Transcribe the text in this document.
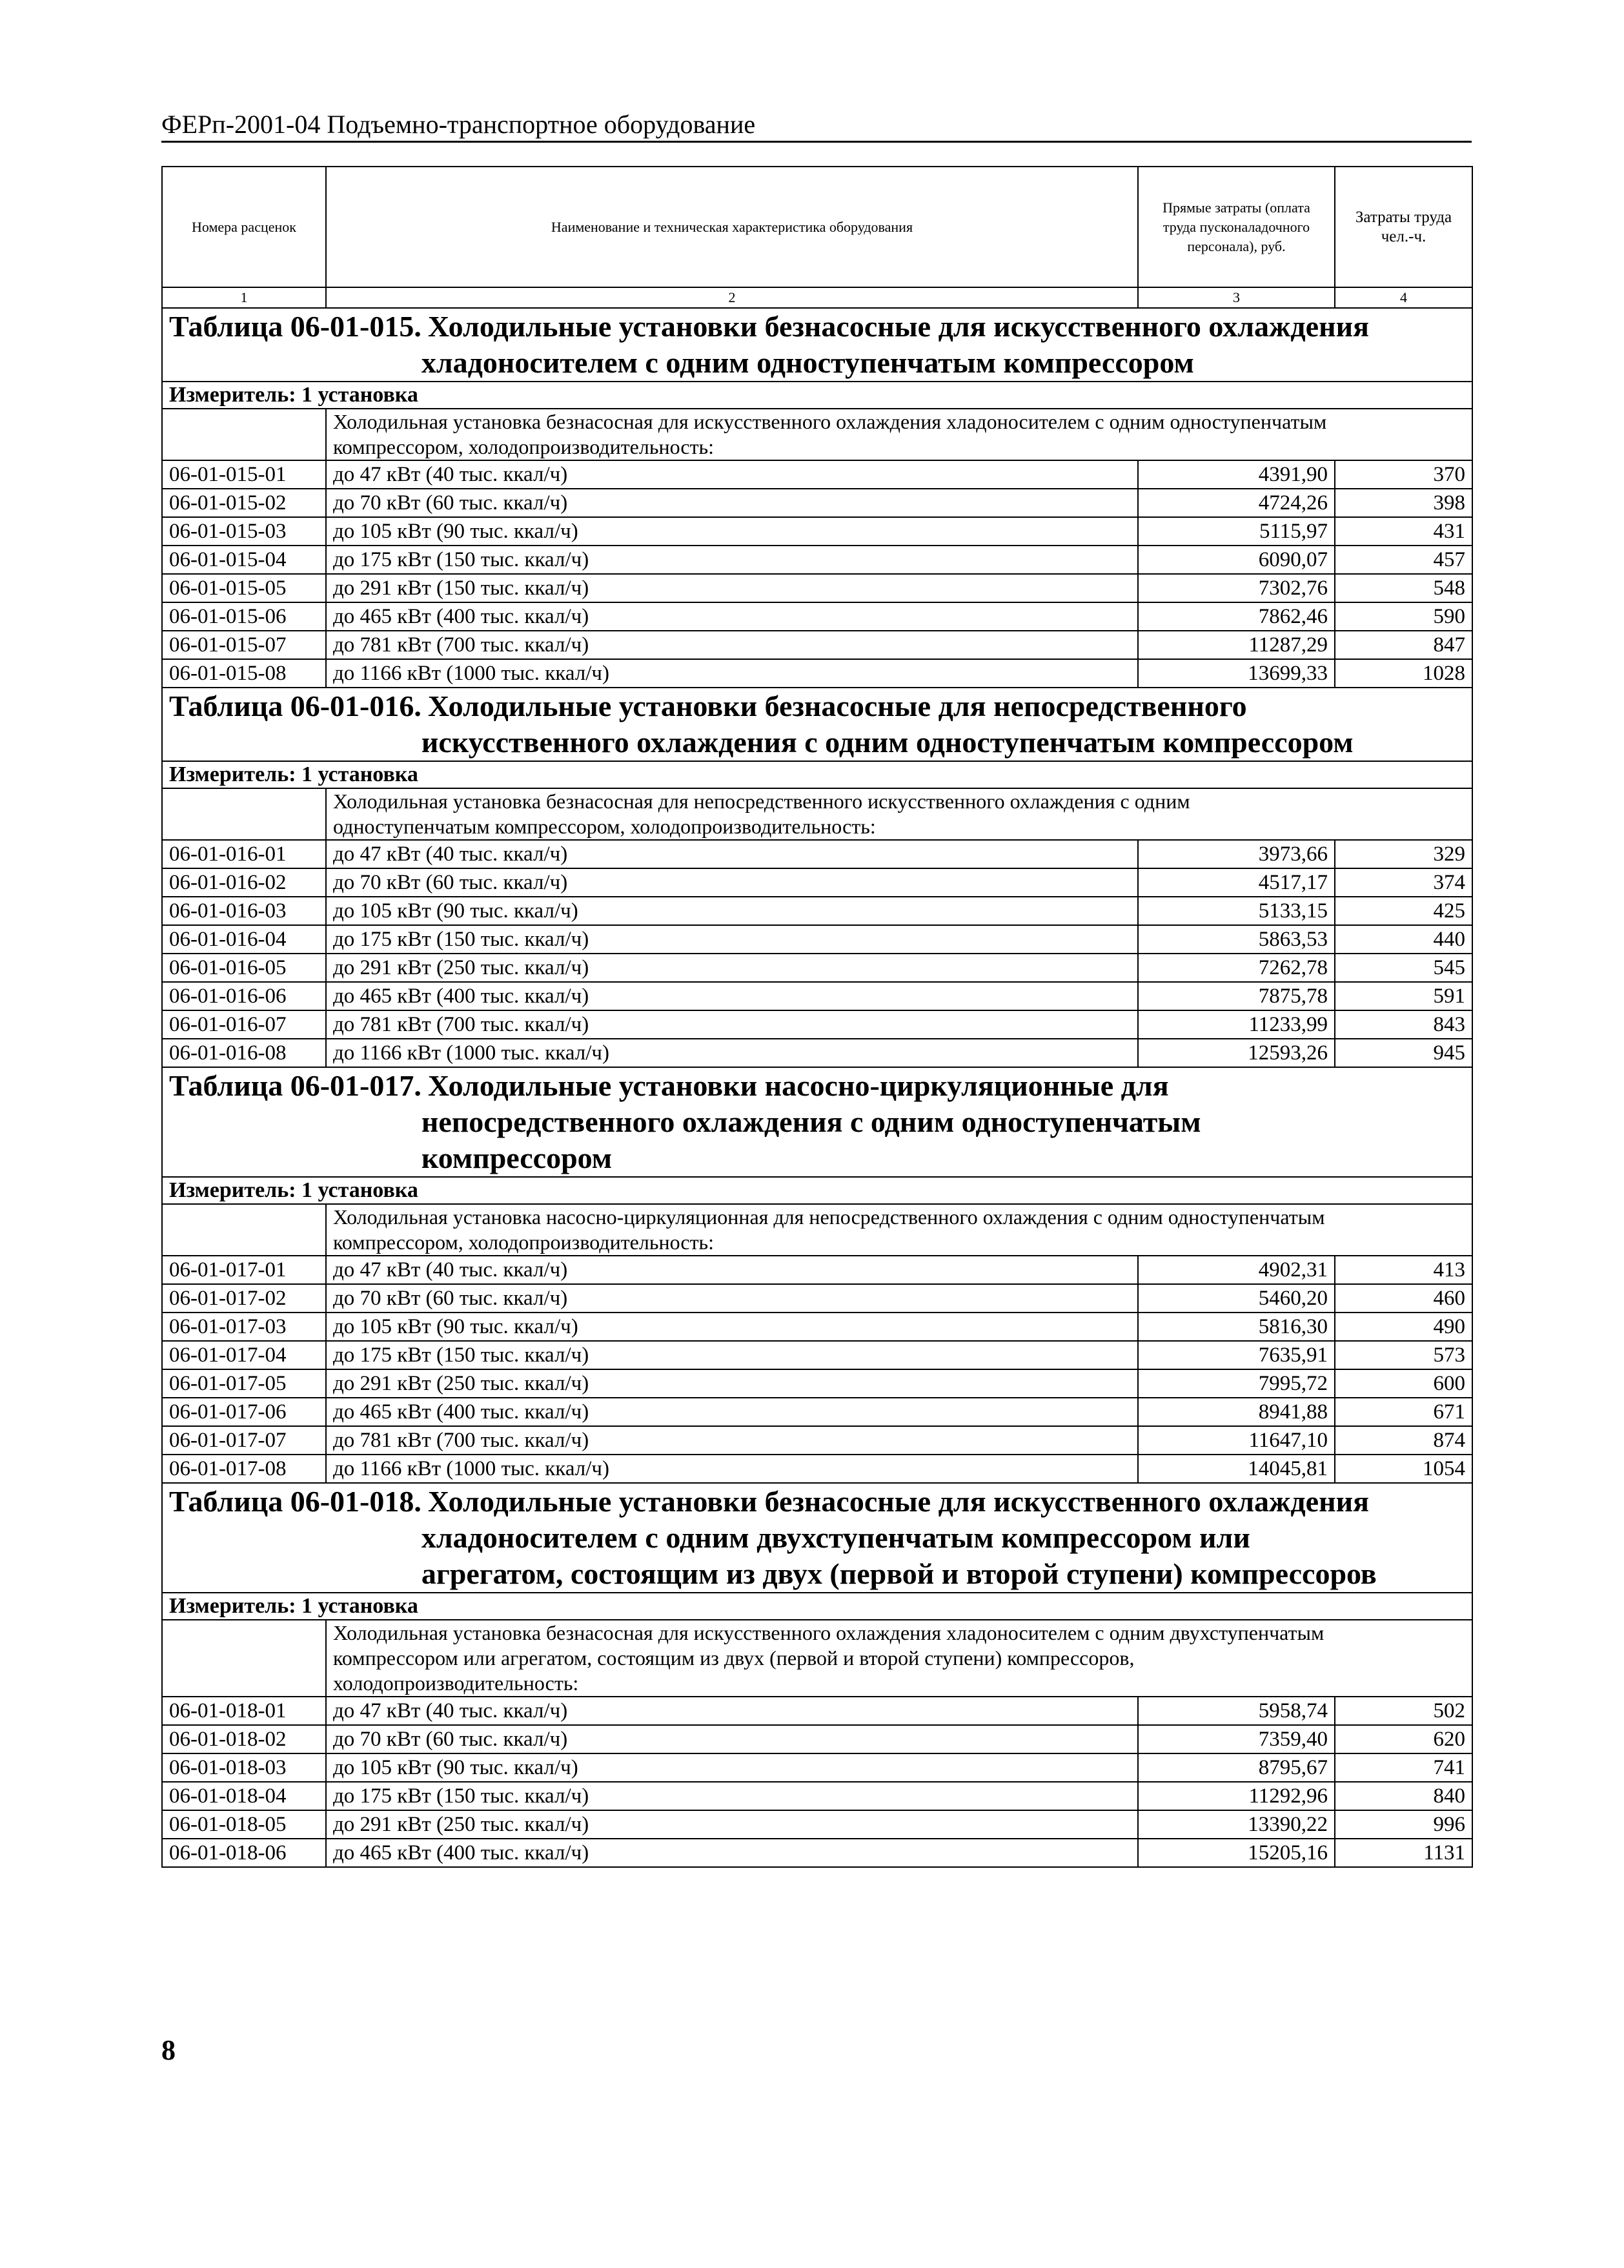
ФЕРп-2001-04 Подъемно-транспортное оборудование
Номера расценок	Наименование и техническая характеристика оборудования	Прямые затраты (оплата труда пусконаладочного персонала), руб.	Затраты труда чел.-ч.
1	2	3	4

Таблица 06-01-015. Холодильные установки безнасосные для искусственного охлаждения
хладоносителем с одним одноступенчатым компрессором			

Измеритель: 1 установка			

	Холодильная установка безнасосная для искусственного охлаждения хладоносителем с одним одноступенчатым
компрессором, холодопроизводительность:		

06-01-015-01	до 47 кВт (40 тыс. ккал/ч)	4391,90	370
06-01-015-02	до 70 кВт (60 тыс. ккал/ч)	4724,26	398
06-01-015-03	до 105 кВт (90 тыс. ккал/ч)	5115,97	431
06-01-015-04	до 175 кВт (150 тыс. ккал/ч)	6090,07	457
06-01-015-05	до 291 кВт (150 тыс. ккал/ч)	7302,76	548
06-01-015-06	до 465 кВт (400 тыс. ккал/ч)	7862,46	590
06-01-015-07	до 781 кВт (700 тыс. ккал/ч)	11287,29	847
06-01-015-08	до 1166 кВт (1000 тыс. ккал/ч)	13699,33	1028

Таблица 06-01-016. Холодильные установки безнасосные для непосредственного
искусственного охлаждения с одним одноступенчатым компрессором			

Измеритель: 1 установка			

	Холодильная установка безнасосная для непосредственного искусственного охлаждения с одним
одноступенчатым компрессором, холодопроизводительность:		

06-01-016-01	до 47 кВт (40 тыс. ккал/ч)	3973,66	329
06-01-016-02	до 70 кВт (60 тыс. ккал/ч)	4517,17	374
06-01-016-03	до 105 кВт (90 тыс. ккал/ч)	5133,15	425
06-01-016-04	до 175 кВт (150 тыс. ккал/ч)	5863,53	440
06-01-016-05	до 291 кВт (250 тыс. ккал/ч)	7262,78	545
06-01-016-06	до 465 кВт (400 тыс. ккал/ч)	7875,78	591
06-01-016-07	до 781 кВт (700 тыс. ккал/ч)	11233,99	843
06-01-016-08	до 1166 кВт (1000 тыс. ккал/ч)	12593,26	945

Таблица 06-01-017. Холодильные установки насосно-циркуляционные для
непосредственного охлаждения с одним одноступенчатым
компрессором			

Измеритель: 1 установка			

	Холодильная установка насосно-циркуляционная для непосредственного охлаждения с одним одноступенчатым
компрессором, холодопроизводительность:		

06-01-017-01	до 47 кВт (40 тыс. ккал/ч)	4902,31	413
06-01-017-02	до 70 кВт (60 тыс. ккал/ч)	5460,20	460
06-01-017-03	до 105 кВт (90 тыс. ккал/ч)	5816,30	490
06-01-017-04	до 175 кВт (150 тыс. ккал/ч)	7635,91	573
06-01-017-05	до 291 кВт (250 тыс. ккал/ч)	7995,72	600
06-01-017-06	до 465 кВт (400 тыс. ккал/ч)	8941,88	671
06-01-017-07	до 781 кВт (700 тыс. ккал/ч)	11647,10	874
06-01-017-08	до 1166 кВт (1000 тыс. ккал/ч)	14045,81	1054

Таблица 06-01-018. Холодильные установки безнасосные для искусственного охлаждения
хладоносителем с одним двухступенчатым компрессором или
агрегатом, состоящим из двух (первой и второй ступени) компрессоров			

Измеритель: 1 установка			

	Холодильная установка безнасосная для искусственного охлаждения хладоносителем с одним двухступенчатым
компрессором или агрегатом, состоящим из двух (первой и второй ступени) компрессоров,
холодопроизводительность:		

06-01-018-01	до 47 кВт (40 тыс. ккал/ч)	5958,74	502
06-01-018-02	до 70 кВт (60 тыс. ккал/ч)	7359,40	620
06-01-018-03	до 105 кВт (90 тыс. ккал/ч)	8795,67	741
06-01-018-04	до 175 кВт (150 тыс. ккал/ч)	11292,96	840
06-01-018-05	до 291 кВт (250 тыс. ккал/ч)	13390,22	996
06-01-018-06	до 465 кВт (400 тыс. ккал/ч)	15205,16	1131
8
